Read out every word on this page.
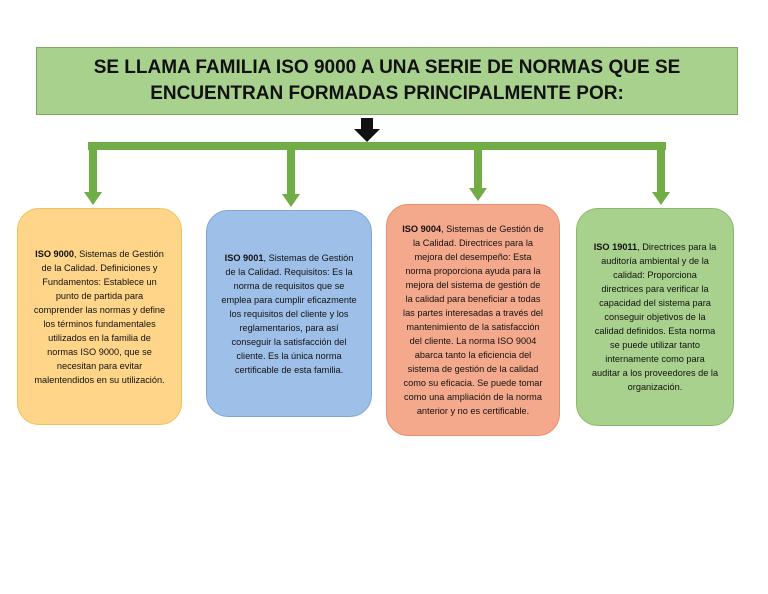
SE LLAMA FAMILIA ISO 9000 A UNA SERIE DE NORMAS QUE SE ENCUENTRAN FORMADAS PRINCIPALMENTE POR:
ISO 9000, Sistemas de Gestión de la Calidad. Definiciones y Fundamentos: Establece un punto de partida para comprender las normas y define los términos fundamentales utilizados en la familia de normas ISO 9000, que se necesitan para evitar malentendidos en su utilización.
ISO 9001, Sistemas de Gestión de la Calidad. Requisitos: Es la norma de requisitos que se emplea para cumplir eficazmente los requisitos del cliente y los reglamentarios, para así conseguir la satisfacción del cliente. Es la única norma certificable de esta familia.
ISO 9004, Sistemas de Gestión de la Calidad. Directrices para la mejora del desempeño: Esta norma proporciona ayuda para la mejora del sistema de gestión de la calidad para beneficiar a todas las partes interesadas a través del mantenimiento de la satisfacción del cliente. La norma ISO 9004 abarca tanto la eficiencia del sistema de gestión de la calidad como su eficacia. Se puede tomar como una ampliación de la norma anterior y no es certificable.
ISO 19011, Directrices para la auditoría ambiental y de la calidad: Proporciona directrices para verificar la capacidad del sistema para conseguir objetivos de la calidad definidos. Esta norma se puede utilizar tanto internamente como para auditar a los proveedores de la organización.
